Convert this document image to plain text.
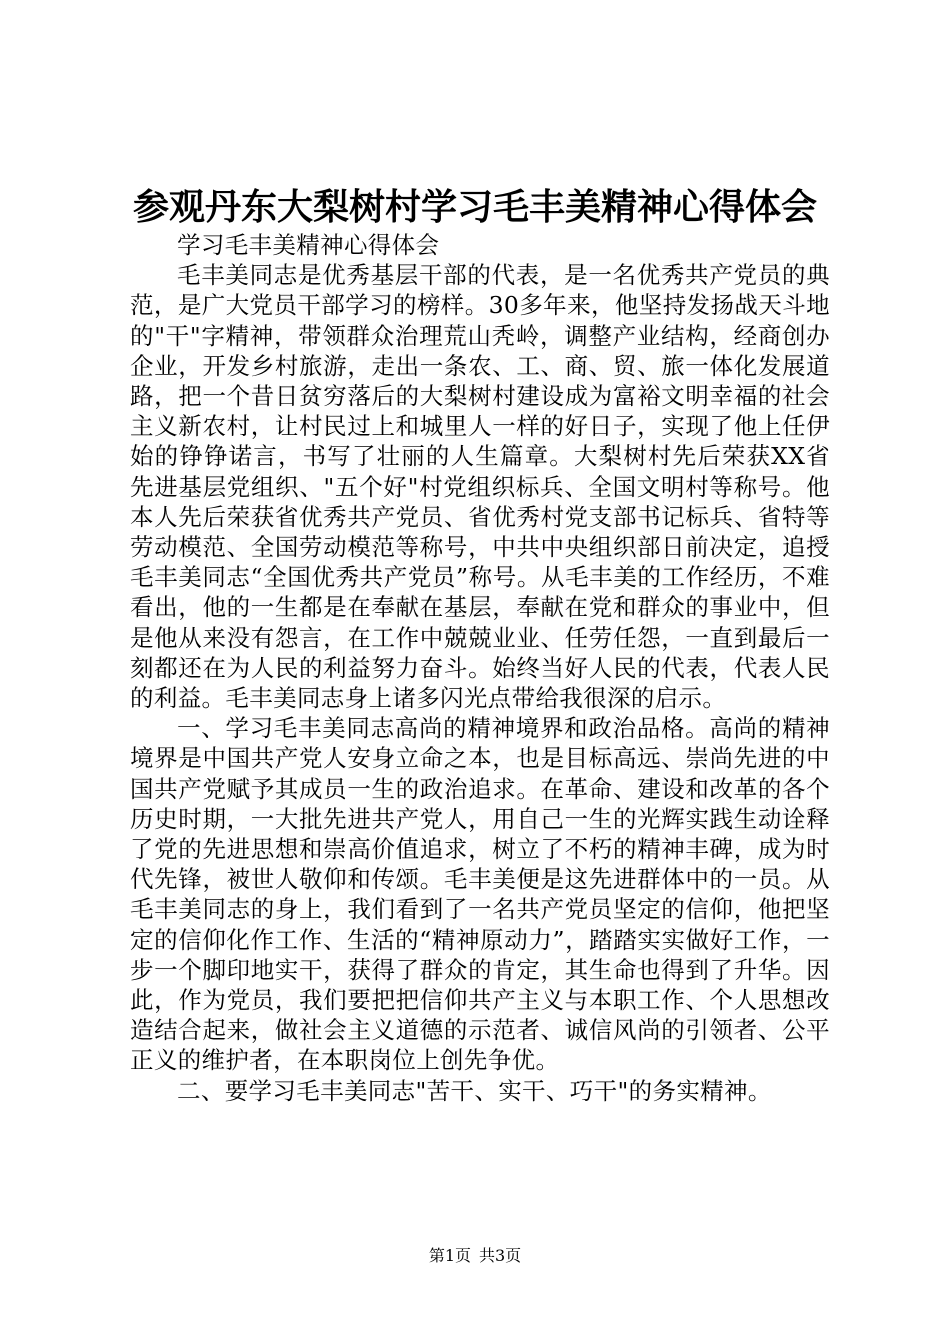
参观丹东大梨树村学习毛丰美精神心得体会

学习毛丰美精神心得体会

毛丰美同志是优秀基层干部的代表，是一名优秀共产党员的典范，是广大党员干部学习的榜样。30多年来，他坚持发扬战天斗地的"干"字精神，带领群众治理荒山秃岭，调整产业结构，经商创办企业，开发乡村旅游，走出一条农、工、商、贸、旅一体化发展道路，把一个昔日贫穷落后的大梨树村建设成为富裕文明幸福的社会主义新农村，让村民过上和城里人一样的好日子，实现了他上任伊始的铮铮诺言，书写了壮丽的人生篇章。大梨树村先后荣获XX省先进基层党组织、"五个好"村党组织标兵、全国文明村等称号。他本人先后荣获省优秀共产党员、省优秀村党支部书记标兵、省特等劳动模范、全国劳动模范等称号，中共中央组织部日前决定，追授毛丰美同志“全国优秀共产党员”称号。从毛丰美的工作经历，不难看出，他的一生都是在奉献在基层，奉献在党和群众的事业中，但是他从来没有怨言，在工作中兢兢业业、任劳任怨，一直到最后一刻都还在为人民的利益努力奋斗。始终当好人民的代表，代表人民的利益。毛丰美同志身上诸多闪光点带给我很深的启示。

一、学习毛丰美同志高尚的精神境界和政治品格。高尚的精神境界是中国共产党人安身立命之本，也是目标高远、崇尚先进的中国共产党赋予其成员一生的政治追求。在革命、建设和改革的各个历史时期，一大批先进共产党人，用自己一生的光辉实践生动诠释了党的先进思想和崇高价值追求，树立了不朽的精神丰碑，成为时代先锋，被世人敬仰和传颂。毛丰美便是这先进群体中的一员。从毛丰美同志的身上，我们看到了一名共产党员坚定的信仰，他把坚定的信仰化作工作、生活的“精神原动力”，踏踏实实做好工作，一步一个脚印地实干，获得了群众的肯定，其生命也得到了升华。因此，作为党员，我们要把把信仰共产主义与本职工作、个人思想改造结合起来，做社会主义道德的示范者、诚信风尚的引领者、公平正义的维护者，在本职岗位上创先争优。

二、要学习毛丰美同志"苦干、实干、巧干"的务实精神。

第1页 共3页
